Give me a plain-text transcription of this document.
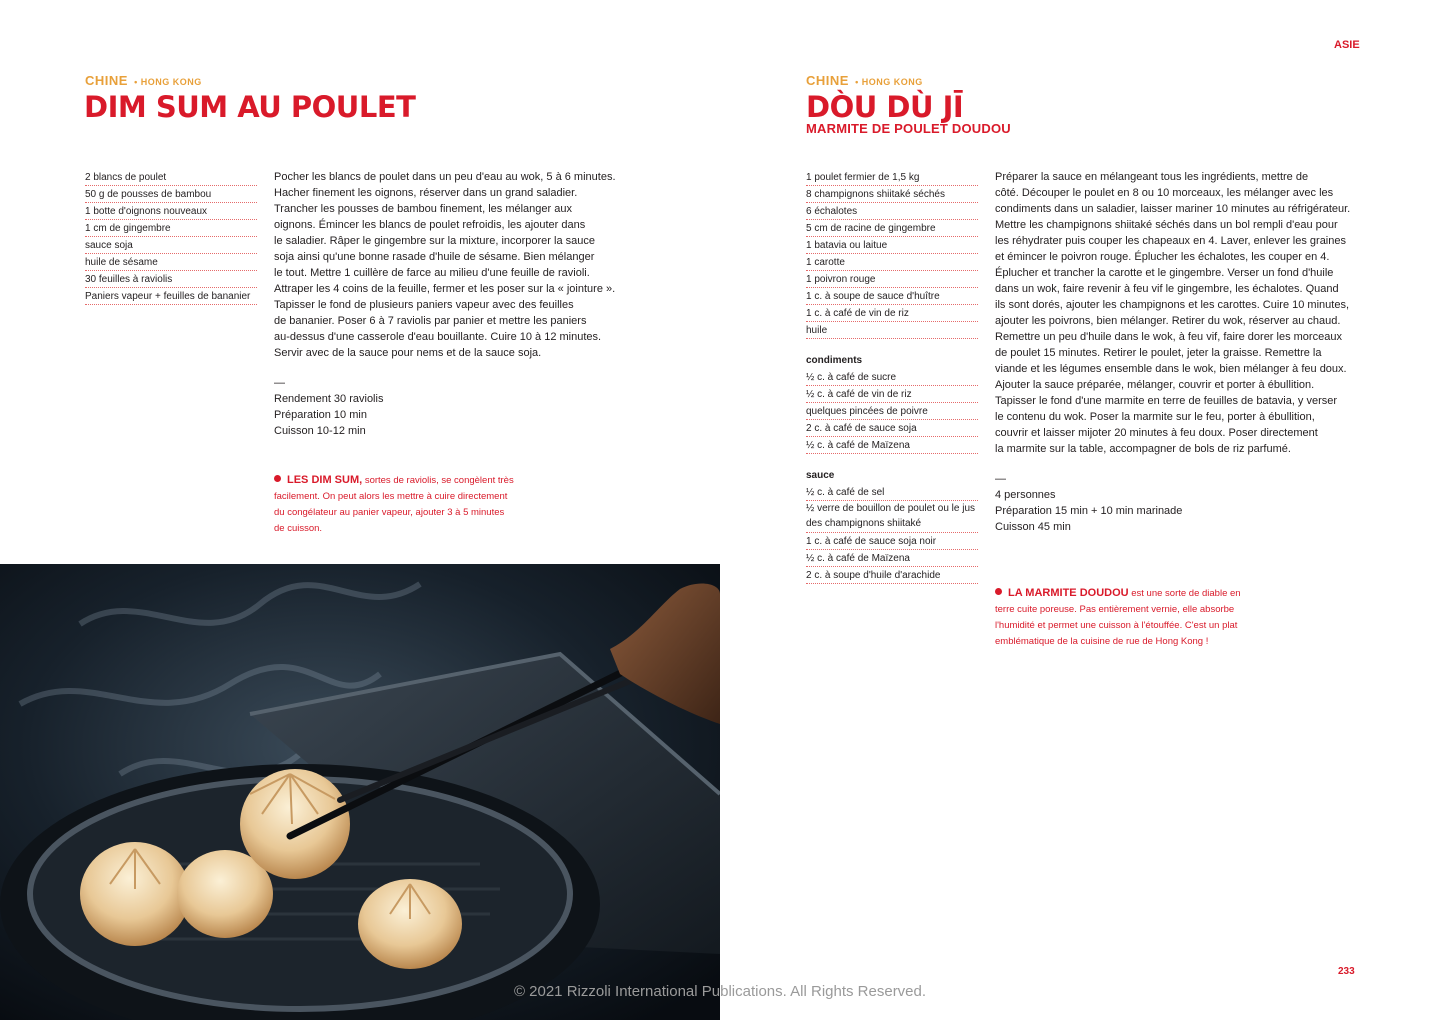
ASIE
CHINE • HONG KONG
DIM SUM AU POULET
2 blancs de poulet
50 g de pousses de bambou
1 botte d'oignons nouveaux
1 cm de gingembre
sauce soja
huile de sésame
30 feuilles à raviolis
Paniers vapeur + feuilles de bananier
Pocher les blancs de poulet dans un peu d'eau au wok, 5 à 6 minutes.
Hacher finement les oignons, réserver dans un grand saladier.
Trancher les pousses de bambou finement, les mélanger aux
oignons. Émincer les blancs de poulet refroidis, les ajouter dans
le saladier. Râper le gingembre sur la mixture, incorporer la sauce
soja ainsi qu'une bonne rasade d'huile de sésame. Bien mélanger
le tout. Mettre 1 cuillère de farce au milieu d'une feuille de ravioli.
Attraper les 4 coins de la feuille, fermer et les poser sur la « jointure ».
Tapisser le fond de plusieurs paniers vapeur avec des feuilles
de bananier. Poser 6 à 7 raviolis par panier et mettre les paniers
au-dessus d'une casserole d'eau bouillante. Cuire 10 à 12 minutes.
Servir avec de la sauce pour nems et de la sauce soja.
—
Rendement 30 raviolis
Préparation 10 min
Cuisson 10-12 min
LES DIM SUM, sortes de raviolis, se congèlent très
facilement. On peut alors les mettre à cuire directement
du congélateur au panier vapeur, ajouter 3 à 5 minutes
de cuisson.
CHINE • HONG KONG
DÒU DÙ JĪ
MARMITE DE POULET DOUDOU
1 poulet fermier de 1,5 kg
8 champignons shiitaké séchés
6 échalotes
5 cm de racine de gingembre
1 batavia ou laitue
1 carotte
1 poivron rouge
1 c. à soupe de sauce d'huître
1 c. à café de vin de riz
huile
condiments
½ c. à café de sucre
½ c. à café de vin de riz
quelques pincées de poivre
2 c. à café de sauce soja
½ c. à café de Maïzena
sauce
½ c. à café de sel
½ verre de bouillon de poulet ou le jus des champignons shiitaké
1 c. à café de sauce soja noir
½ c. à café de Maïzena
2 c. à soupe d'huile d'arachide
Préparer la sauce en mélangeant tous les ingrédients, mettre de
côté. Découper le poulet en 8 ou 10 morceaux, les mélanger avec les
condiments dans un saladier, laisser mariner 10 minutes au réfrigérateur.
Mettre les champignons shiitaké séchés dans un bol rempli d'eau pour
les réhydrater puis couper les chapeaux en 4. Laver, enlever les graines
et émincer le poivron rouge. Éplucher les échalotes, les couper en 4.
Éplucher et trancher la carotte et le gingembre. Verser un fond d'huile
dans un wok, faire revenir à feu vif le gingembre, les échalotes. Quand
ils sont dorés, ajouter les champignons et les carottes. Cuire 10 minutes,
ajouter les poivrons, bien mélanger. Retirer du wok, réserver au chaud.
Remettre un peu d'huile dans le wok, à feu vif, faire dorer les morceaux
de poulet 15 minutes. Retirer le poulet, jeter la graisse. Remettre la
viande et les légumes ensemble dans le wok, bien mélanger à feu doux.
Ajouter la sauce préparée, mélanger, couvrir et porter à ébullition.
Tapisser le fond d'une marmite en terre de feuilles de batavia, y verser
le contenu du wok. Poser la marmite sur le feu, porter à ébullition,
couvrir et laisser mijoter 20 minutes à feu doux. Poser directement
la marmite sur la table, accompagner de bols de riz parfumé.
—
4 personnes
Préparation 15 min + 10 min marinade
Cuisson 45 min
LA MARMITE DOUDOU est une sorte de diable en
terre cuite poreuse. Pas entièrement vernie, elle absorbe
l'humidité et permet une cuisson à l'étouffée. C'est un plat
emblématique de la cuisine de rue de Hong Kong !
233
© 2021 Rizzoli International Publications. All Rights Reserved.
